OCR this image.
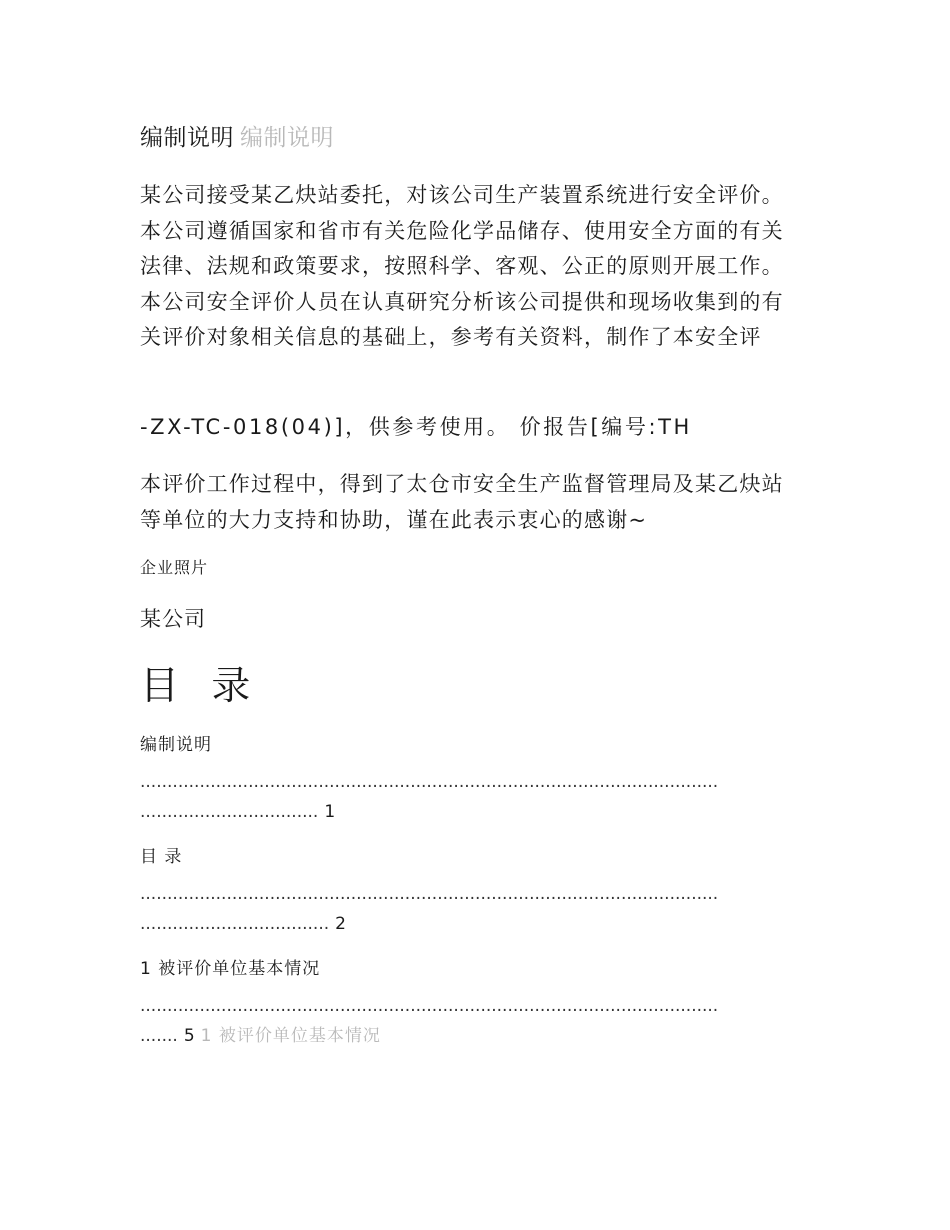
编制说明 编制说明

某公司接受某乙炔站委托，对该公司生产装置系统进行安全评价。本公司遵循国家和省市有关危险化学品储存、使用安全方面的有关法律、法规和政策要求，按照科学、客观、公正的原则开展工作。本公司安全评价人员在认真研究分析该公司提供和现场收集到的有关评价对象相关信息的基础上，参考有关资料，制作了本安全评

-ZX-TC-018(04)]，供参考使用。 价报告[编号:TH

本评价工作过程中，得到了太仓市安全生产监督管理局及某乙炔站等单位的大力支持和协助，谨在此表示衷心的感谢~

企业照片
某公司
目 录
编制说明
...........................................................................................................
................................. 1
目 录
...........................................................................................................
................................... 2
1 被评价单位基本情况
...........................................................................................................
....... 5 1 被评价单位基本情况
